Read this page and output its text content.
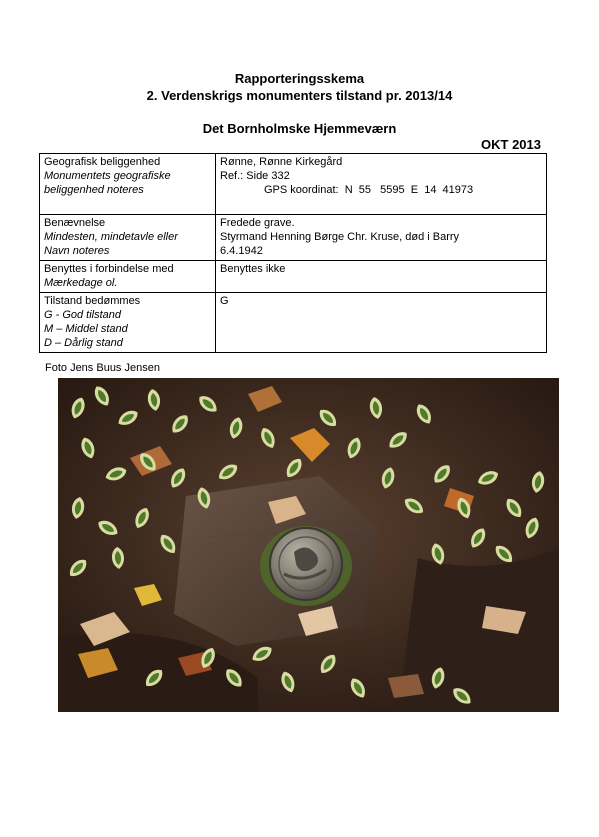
Rapporteringsskema
2. Verdenskrigs monumenters tilstand pr. 2013/14
Det Bornholmske Hjemmeværn
OKT 2013
Geografisk beliggenhed
Monumentets geografiske
beliggenhed noteres	Rønne, Rønne Kirkegård
Ref.: Side 332
GPS koordinat:  N  55   5595  E  14  41973

Benævnelse
Mindesten, mindetavle eller
Navn noteres	Fredede grave.
Styrmand Henning Børge Chr. Kruse, død i Barry
6.4.1942

Benyttes i forbindelse med
Mærkedage ol.	Benyttes ikke

Tilstand bedømmes
G - God tilstand
M – Middel stand
D – Dårlig stand	G
Foto Jens Buus Jensen
